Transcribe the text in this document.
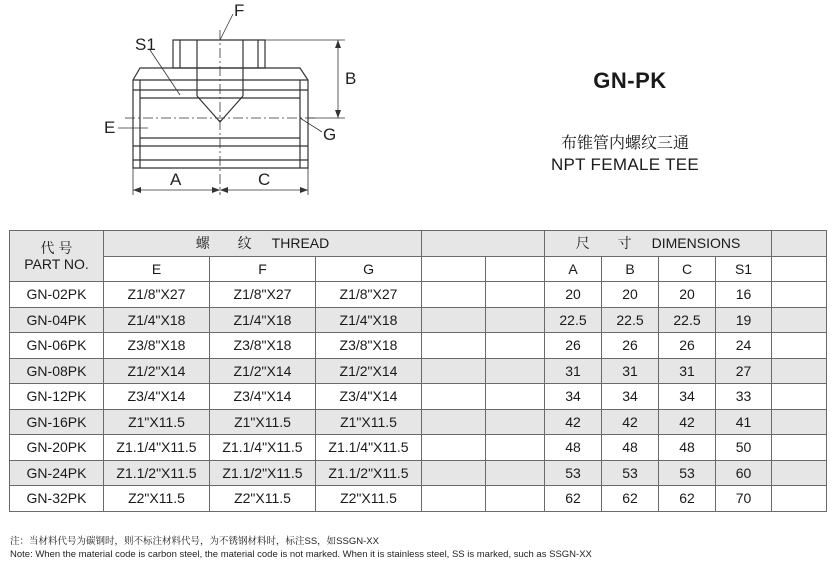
F
S1
B
E	G
A	C
GN-PK
布锥管内螺纹三通
NPT FEMALE TEE
代 号
PART NO.	螺 纹 THREAD					尺 寸 DIMENSIONS				
	E	F	G			A	B	C	S1	
GN-02PK	Z1/8"X27	Z1/8"X27	Z1/8"X27			20	20	20	16	
GN-04PK	Z1/4"X18	Z1/4"X18	Z1/4"X18			22.5	22.5	22.5	19	
GN-06PK	Z3/8"X18	Z3/8"X18	Z3/8"X18			26	26	26	24	
GN-08PK	Z1/2"X14	Z1/2"X14	Z1/2"X14			31	31	31	27	
GN-12PK	Z3/4"X14	Z3/4"X14	Z3/4"X14			34	34	34	33	
GN-16PK	Z1"X11.5	Z1"X11.5	Z1"X11.5			42	42	42	41	
GN-20PK	Z1.1/4"X11.5	Z1.1/4"X11.5	Z1.1/4"X11.5			48	48	48	50	
GN-24PK	Z1.1/2"X11.5	Z1.1/2"X11.5	Z1.1/2"X11.5			53	53	53	60	
GN-32PK	Z2"X11.5	Z2"X11.5	Z2"X11.5			62	62	62	70	
注：当材料代号为碳钢时，则不标注材料代号，为不锈钢材料时，标注SS，如SSGN-XX
Note: When the material code is carbon steel, the material code is not marked. When it is stainless steel, SS is marked, such as SSGN-XX
